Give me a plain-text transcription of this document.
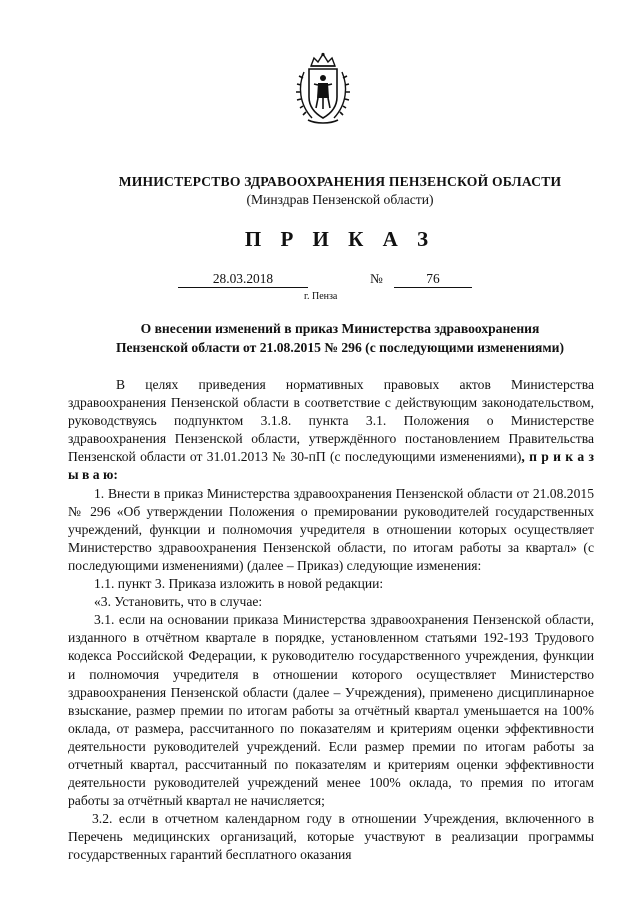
МИНИСТЕРСТВО ЗДРАВООХРАНЕНИЯ ПЕНЗЕНСКОЙ ОБЛАСТИ
(Минздрав Пензенской области)
П Р И К А З
28.03.2018	№	76
г. Пенза
О внесении изменений в приказ Министерства здравоохранения
Пензенской области от 21.08.2015 № 296 (с последующими изменениями)

В целях приведения нормативных правовых актов Министерства здравоохранения Пензенской области в соответствие с действующим законодательством, руководствуясь подпунктом 3.1.8. пункта 3.1. Положения о Министерстве здравоохранения Пензенской области, утверждённого постановлением Правительства Пензенской области от 31.01.2013 № 30-пП (с последующими изменениями), п р и к а з ы в а ю:

1. Внести в приказ Министерства здравоохранения Пензенской области от 21.08.2015 № 296 «Об утверждении Положения о премировании руководителей государственных учреждений, функции и полномочия учредителя в отношении которых осуществляет Министерство здравоохранения Пензенской области, по итогам работы за квартал» (с последующими изменениями) (далее – Приказ) следующие изменения:

1.1. пункт 3. Приказа изложить в новой редакции:

«3. Установить, что в случае:

3.1. если на основании приказа Министерства здравоохранения Пензенской области, изданного в отчётном квартале в порядке, установленном статьями 192-193 Трудового кодекса Российской Федерации, к руководителю государственного учреждения, функции и полномочия учредителя в отношении которого осуществляет Министерство здравоохранения Пензенской области (далее – Учреждения), применено дисциплинарное взыскание, размер премии по итогам работы за отчётный квартал уменьшается на 100% оклада, от размера, рассчитанного по показателям и критериям оценки эффективности деятельности руководителей учреждений. Если размер премии по итогам работы за отчетный квартал, рассчитанный по показателям и критериям оценки эффективности деятельности руководителей учреждений менее 100% оклада, то премия по итогам работы за отчётный квартал не начисляется;

3.2. если в отчетном календарном году в отношении Учреждения, включенного в Перечень медицинских организаций, которые участвуют в реализации программы государственных гарантий бесплатного оказания
